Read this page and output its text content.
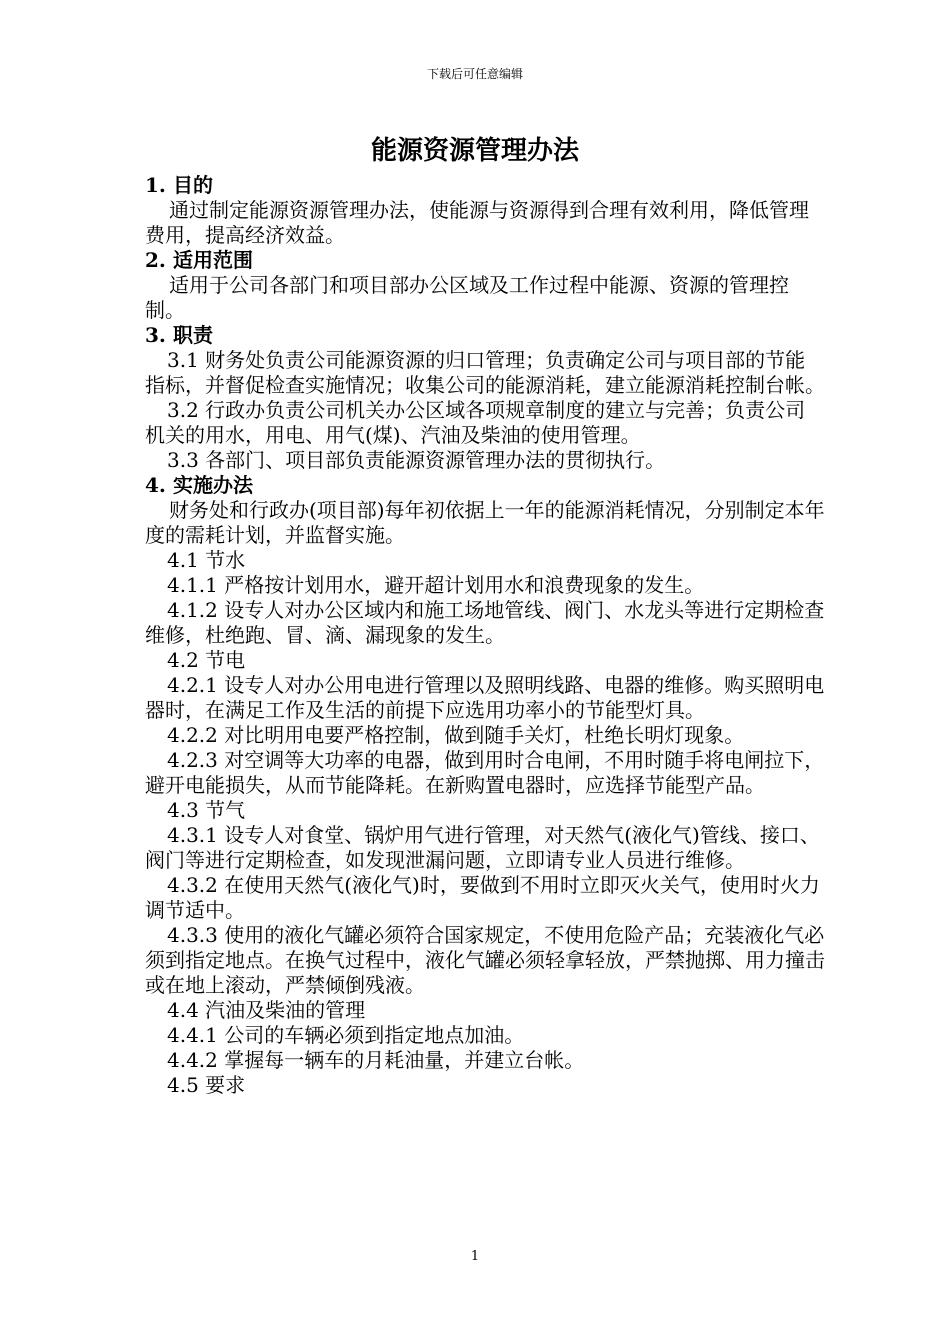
下载后可任意编辑
能源资源管理办法

1. 目的

通过制定能源资源管理办法，使能源与资源得到合理有效利用，降低管理费用，提高经济效益。

2. 适用范围

适用于公司各部门和项目部办公区域及工作过程中能源、资源的管理控制。

3. 职责

3.1 财务处负责公司能源资源的归口管理；负责确定公司与项目部的节能指标，并督促检查实施情况；收集公司的能源消耗，建立能源消耗控制台帐。

3.2 行政办负责公司机关办公区域各项规章制度的建立与完善；负责公司机关的用水，用电、用气(煤)、汽油及柴油的使用管理。

3.3 各部门、项目部负责能源资源管理办法的贯彻执行。

4. 实施办法

财务处和行政办(项目部)每年初依据上一年的能源消耗情况，分别制定本年度的需耗计划，并监督实施。

4.1 节水

4.1.1 严格按计划用水，避开超计划用水和浪费现象的发生。

4.1.2 设专人对办公区域内和施工场地管线、阀门、水龙头等进行定期检查维修，杜绝跑、冒、滴、漏现象的发生。

4.2 节电

4.2.1 设专人对办公用电进行管理以及照明线路、电器的维修。购买照明电器时，在满足工作及生活的前提下应选用功率小的节能型灯具。

4.2.2 对比明用电要严格控制，做到随手关灯，杜绝长明灯现象。

4.2.3 对空调等大功率的电器，做到用时合电闸，不用时随手将电闸拉下，避开电能损失，从而节能降耗。在新购置电器时，应选择节能型产品。

4.3 节气

4.3.1 设专人对食堂、锅炉用气进行管理，对天然气(液化气)管线、接口、阀门等进行定期检查，如发现泄漏问题，立即请专业人员进行维修。

4.3.2 在使用天然气(液化气)时，要做到不用时立即灭火关气，使用时火力调节适中。

4.3.3 使用的液化气罐必须符合国家规定，不使用危险产品；充装液化气必须到指定地点。在换气过程中，液化气罐必须轻拿轻放，严禁抛掷、用力撞击或在地上滚动，严禁倾倒残液。

4.4 汽油及柴油的管理

4.4.1 公司的车辆必须到指定地点加油。

4.4.2 掌握每一辆车的月耗油量，并建立台帐。

4.5 要求

1
